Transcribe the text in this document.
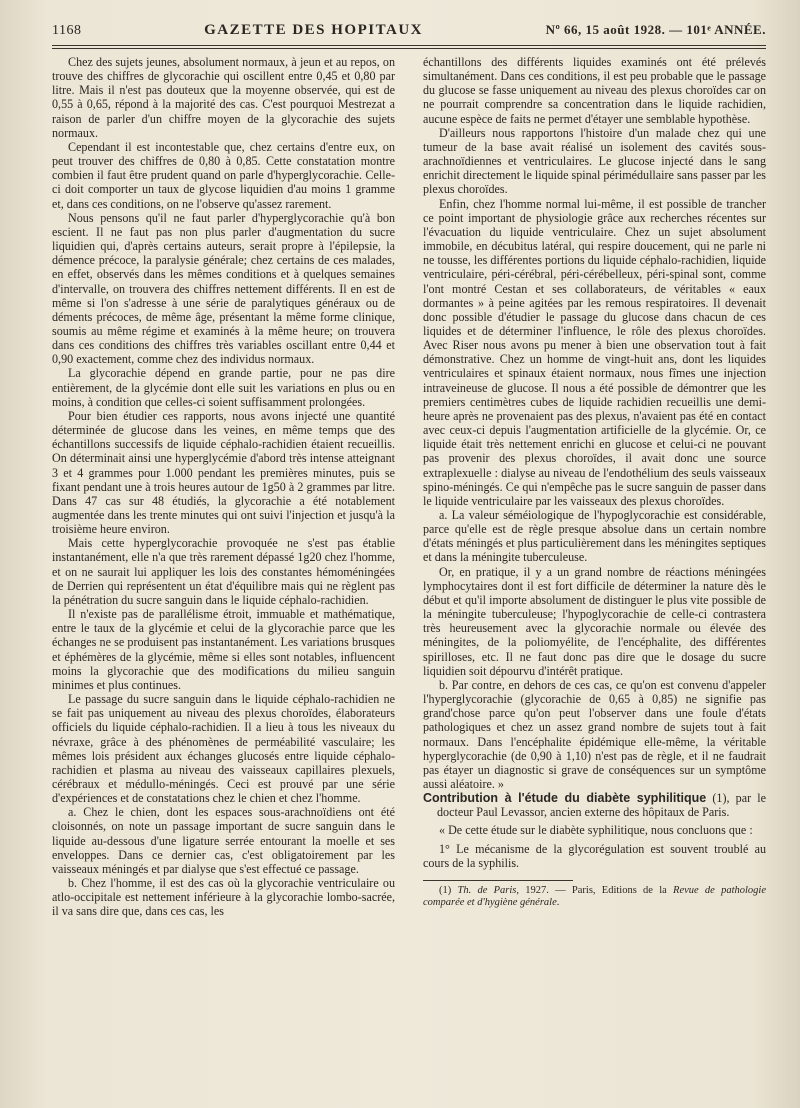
1168	GAZETTE DES HOPITAUX	Nº 66, 15 août 1928. — 101ᵉ ANNÉE.

Chez des sujets jeunes, absolument normaux, à jeun et au repos, on trouve des chiffres de glycorachie qui oscillent entre 0,45 et 0,80 par litre. Mais il n'est pas douteux que la moyenne observée, qui est de 0,55 à 0,65, répond à la majorité des cas. C'est pourquoi Mestrezat a raison de parler d'un chiffre moyen de la glycorachie des sujets normaux.

Cependant il est incontestable que, chez certains d'entre eux, on peut trouver des chiffres de 0,80 à 0,85. Cette constatation montre combien il faut être prudent quand on parle d'hyperglycorachie. Celle-ci doit comporter un taux de glycose liquidien d'au moins 1 gramme et, dans ces conditions, on ne l'observe qu'assez rarement.

Nous pensons qu'il ne faut parler d'hyperglycorachie qu'à bon escient. Il ne faut pas non plus parler d'augmentation du sucre liquidien qui, d'après certains auteurs, serait propre à l'épilepsie, la démence précoce, la paralysie générale; chez certains de ces malades, en effet, observés dans les mêmes conditions et à quelques semaines d'intervalle, on trouvera des chiffres nettement différents. Il en est de même si l'on s'adresse à une série de paralytiques généraux ou de déments précoces, de même âge, présentant la même forme clinique, soumis au même régime et examinés à la même heure; on trouvera dans ces conditions des chiffres très variables oscillant entre 0,44 et 0,90 exactement, comme chez des individus normaux.

La glycorachie dépend en grande partie, pour ne pas dire entièrement, de la glycémie dont elle suit les variations en plus ou en moins, à condition que celles-ci soient suffisamment prolongées.

Pour bien étudier ces rapports, nous avons injecté une quantité déterminée de glucose dans les veines, en même temps que des échantillons successifs de liquide céphalo-rachidien étaient recueillis. On déterminait ainsi une hyperglycémie d'abord très intense atteignant 3 et 4 grammes pour 1.000 pendant les premières minutes, puis se fixant pendant une à trois heures autour de 1g50 à 2 grammes par litre. Dans 47 cas sur 48 étudiés, la glycorachie a été notablement augmentée dans les trente minutes qui ont suivi l'injection et jusqu'à la troisième heure environ.

Mais cette hyperglycorachie provoquée ne s'est pas établie instantanément, elle n'a que très rarement dépassé 1g20 chez l'homme, et on ne saurait lui appliquer les lois des constantes hémoméningées de Derrien qui représentent un état d'équilibre mais qui ne règlent pas la pénétration du sucre sanguin dans le liquide céphalo-rachidien.

Il n'existe pas de parallélisme étroit, immuable et mathématique, entre le taux de la glycémie et celui de la glycorachie parce que les échanges ne se produisent pas instantanément. Les variations brusques et éphémères de la glycémie, même si elles sont notables, influencent moins la glycorachie que des modifications du milieu sanguin minimes et plus continues.

Le passage du sucre sanguin dans le liquide céphalo-rachidien ne se fait pas uniquement au niveau des plexus choroïdes, élaborateurs officiels du liquide céphalo-rachidien. Il a lieu à tous les niveaux du névraxe, grâce à des phénomènes de perméabilité vasculaire; les mêmes lois président aux échanges glucosés entre liquide céphalo-rachidien et plasma au niveau des vaisseaux capillaires plexuels, cérébraux et médullo-méningés. Ceci est prouvé par une série d'expériences et de constatations chez le chien et chez l'homme.

a. Chez le chien, dont les espaces sous-arachnoïdiens ont été cloisonnés, on note un passage important de sucre sanguin dans le liquide au-dessous d'une ligature serrée entourant la moelle et ses enveloppes. Dans ce dernier cas, c'est obligatoirement par les vaisseaux méningés et par dialyse que s'est effectué ce passage.

b. Chez l'homme, il est des cas où la glycorachie ventriculaire ou atlo-occipitale est nettement inférieure à la glycorachie lombo-sacrée, il va sans dire que, dans ces cas, les

échantillons des différents liquides examinés ont été prélevés simultanément. Dans ces conditions, il est peu probable que le passage du glucose se fasse uniquement au niveau des plexus choroïdes car on ne pourrait comprendre sa concentration dans le liquide rachidien, aucune espèce de faits ne permet d'étayer une semblable hypothèse.

D'ailleurs nous rapportons l'histoire d'un malade chez qui une tumeur de la base avait réalisé un isolement des cavités sous-arachnoïdiennes et ventriculaires. Le glucose injecté dans le sang enrichit directement le liquide spinal périmédullaire sans passer par les plexus choroïdes.

Enfin, chez l'homme normal lui-même, il est possible de trancher ce point important de physiologie grâce aux recherches récentes sur l'évacuation du liquide ventriculaire. Chez un sujet absolument immobile, en décubitus latéral, qui respire doucement, qui ne parle ni ne tousse, les différentes portions du liquide céphalo-rachidien, liquide ventriculaire, péri-cérébral, péri-cérébelleux, péri-spinal sont, comme l'ont montré Cestan et ses collaborateurs, de véritables « eaux dormantes » à peine agitées par les remous respiratoires. Il devenait donc possible d'étudier le passage du glucose dans chacun de ces liquides et de déterminer l'influence, le rôle des plexus choroïdes. Avec Riser nous avons pu mener à bien une observation tout à fait démonstrative. Chez un homme de vingt-huit ans, dont les liquides ventriculaires et spinaux étaient normaux, nous fîmes une injection intraveineuse de glucose. Il nous a été possible de démontrer que les premiers centimètres cubes de liquide rachidien recueillis une demi-heure après ne provenaient pas des plexus, n'avaient pas été en contact avec ceux-ci depuis l'augmentation artificielle de la glycémie. Or, ce liquide était très nettement enrichi en glucose et celui-ci ne pouvant pas provenir des plexus choroïdes, il avait donc une source extraplexuelle : dialyse au niveau de l'endothélium des seuls vaisseaux spino-méningés. Ce qui n'empêche pas le sucre sanguin de passer dans le liquide ventriculaire par les vaisseaux des plexus choroïdes.

a. La valeur séméiologique de l'hypoglycorachie est considérable, parce qu'elle est de règle presque absolue dans un certain nombre d'états méningés et plus particulièrement dans les méningites septiques et dans la méningite tuberculeuse.

Or, en pratique, il y a un grand nombre de réactions méningées lymphocytaires dont il est fort difficile de déterminer la nature dès le début et qu'il importe absolument de distinguer le plus vite possible de la méningite tuberculeuse; l'hypoglycorachie de celle-ci contrastera très heureusement avec la glycorachie normale ou élevée des méningites, de la poliomyélite, de l'encéphalite, des différentes spirilloses, etc. Il ne faut donc pas dire que le dosage du sucre liquidien soit dépourvu d'intérêt pratique.

b. Par contre, en dehors de ces cas, ce qu'on est convenu d'appeler l'hyperglycorachie (glycorachie de 0,65 à 0,85) ne signifie pas grand'chose parce qu'on peut l'observer dans une foule d'états pathologiques et chez un assez grand nombre de sujets tout à fait normaux. Dans l'encéphalite épidémique elle-même, la véritable hyperglycorachie (de 0,90 à 1,10) n'est pas de règle, et il ne faudrait pas étayer un diagnostic si grave de conséquences sur un symptôme aussi aléatoire. »

Contribution à l'étude du diabète syphilitique (1), par le docteur Paul Levassor, ancien externe des hôpitaux de Paris.

« De cette étude sur le diabète syphilitique, nous concluons que :

1° Le mécanisme de la glycorégulation est souvent troublé au cours de la syphilis.

(1) Th. de Paris, 1927. — Paris, Editions de la Revue de pathologie comparée et d'hygiène générale.
